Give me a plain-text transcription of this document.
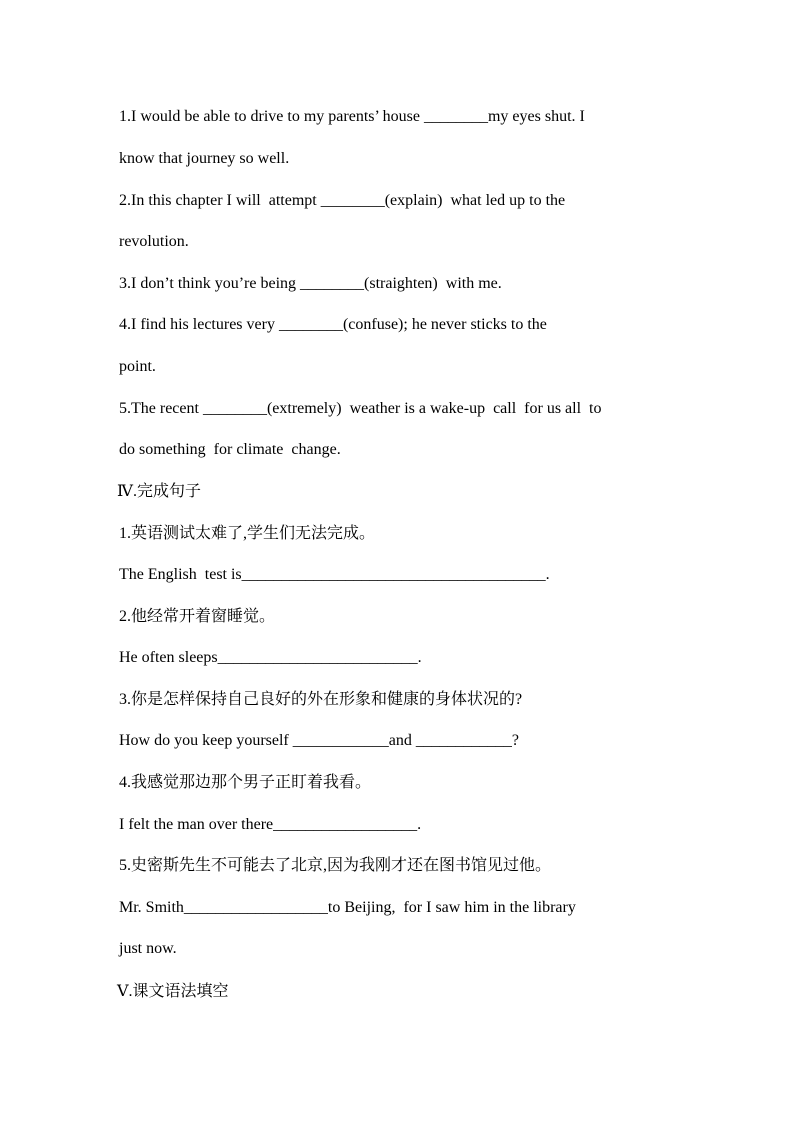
1.I would be able to drive to my parents’ house ________my eyes shut. I
know that journey so well.
2.In this chapter I will  attempt ________(explain)  what led up to the
revolution.
3.I don’t think you’re being ________(straighten)  with me.
4.I find his lectures very ________(confuse); he never sticks to the
point.
5.The recent ________(extremely)  weather is a wake-up  call  for us all  to
do something  for climate  change.
Ⅳ.完成句子
1.英语测试太难了,学生们无法完成。
The English  test is______________________________________.
2.他经常开着窗睡觉。
He often sleeps_________________________.
3.你是怎样保持自己良好的外在形象和健康的身体状况的?
How do you keep yourself ____________and ____________?
4.我感觉那边那个男子正盯着我看。
I felt the man over there__________________.
5.史密斯先生不可能去了北京,因为我刚才还在图书馆见过他。
Mr. Smith__________________to Beijing,  for I saw him in the library
just now.
Ⅴ.课文语法填空
